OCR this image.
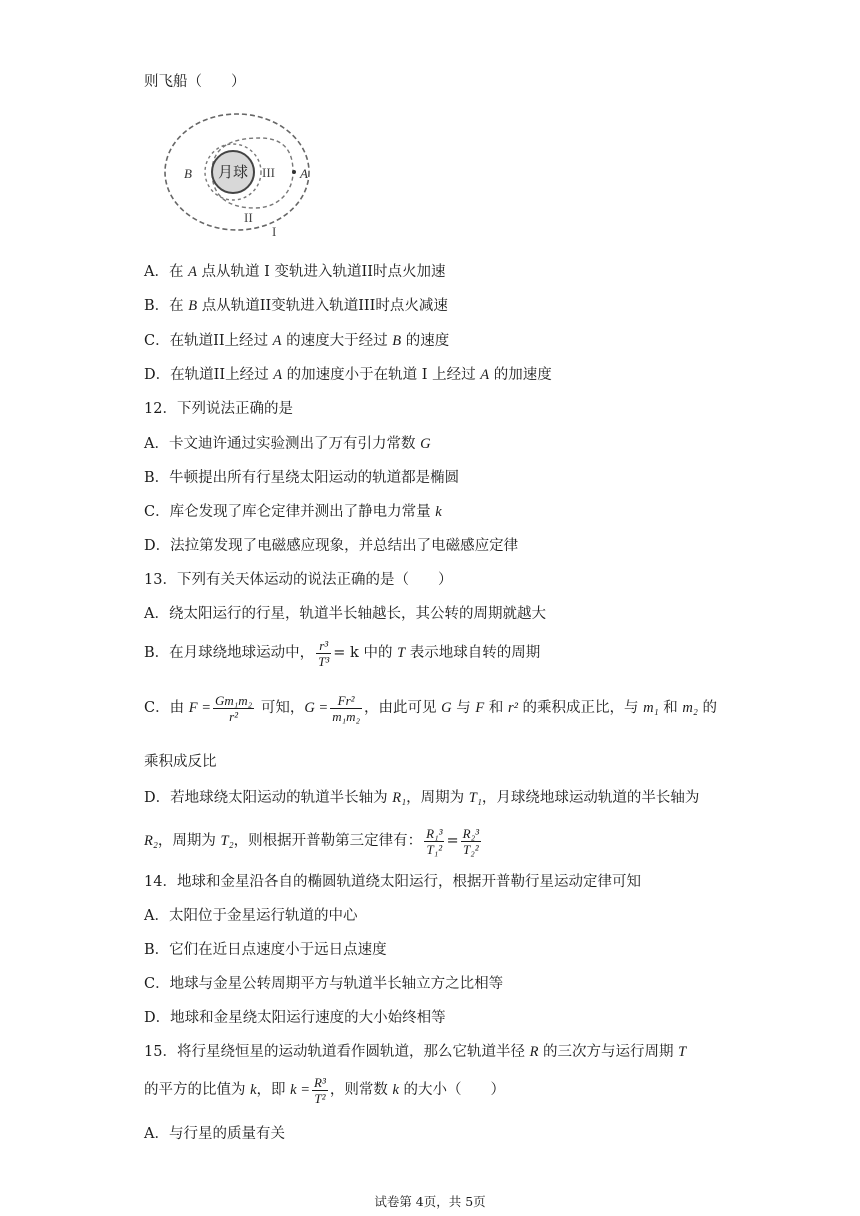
则飞船（　　）
月球
B	A
III
II
I
A．在 A 点从轨道 I 变轨进入轨道II时点火加速
B．在 B 点从轨道II变轨进入轨道III时点火减速
C．在轨道II上经过 A 的速度大于经过 B 的速度
D．在轨道II上经过 A 的加速度小于在轨道 I 上经过 A 的加速度
12．下列说法正确的是
A．卡文迪许通过实验测出了万有引力常数 G
B．牛顿提出所有行星绕太阳运动的轨道都是椭圆
C．库仑发现了库仑定律并测出了静电力常量 k
D．法拉第发现了电磁感应现象，并总结出了电磁感应定律
13．下列有关天体运动的说法正确的是（　　）
A．绕太阳运行的行星，轨道半长轴越长，其公转的周期就越大
B．在月球绕地球运动中， $\frac{\text{r³}}{\text{T³}} = k$ 中的 T 表示地球自转的周期
C．由 $F = \frac{\text{Gm₁m₂}}{\text{r²}}$ 可知，$G = \frac{\text{Fr²}}{\text{m₁m₂}}$ ，由此可见 G 与 F 和 r² 的乘积成正比，与 m₁ 和 m₂ 的
乘积成反比
D．若地球绕太阳运动的轨道半长轴为 R₁，周期为 T₁，月球绕地球运动轨道的半长轴为
R₂，周期为 T₂，则根据开普勒第三定律有： $\frac{\text{R₁³}}{\text{T₁²}} = \frac{\text{R₂³}}{\text{T₂²}}$
14．地球和金星沿各自的椭圆轨道绕太阳运行，根据开普勒行星运动定律可知
A．太阳位于金星运行轨道的中心
B．它们在近日点速度小于远日点速度
C．地球与金星公转周期平方与轨道半长轴立方之比相等
D．地球和金星绕太阳运行速度的大小始终相等
15．将行星绕恒星的运动轨道看作圆轨道，那么它轨道半径 R 的三次方与运行周期 T
的平方的比值为 k，即 $k = \frac{\text{R³}}{\text{T²}}$ ，则常数 k 的大小（　　）
A．与行星的质量有关
试卷第 4页，共 5页
